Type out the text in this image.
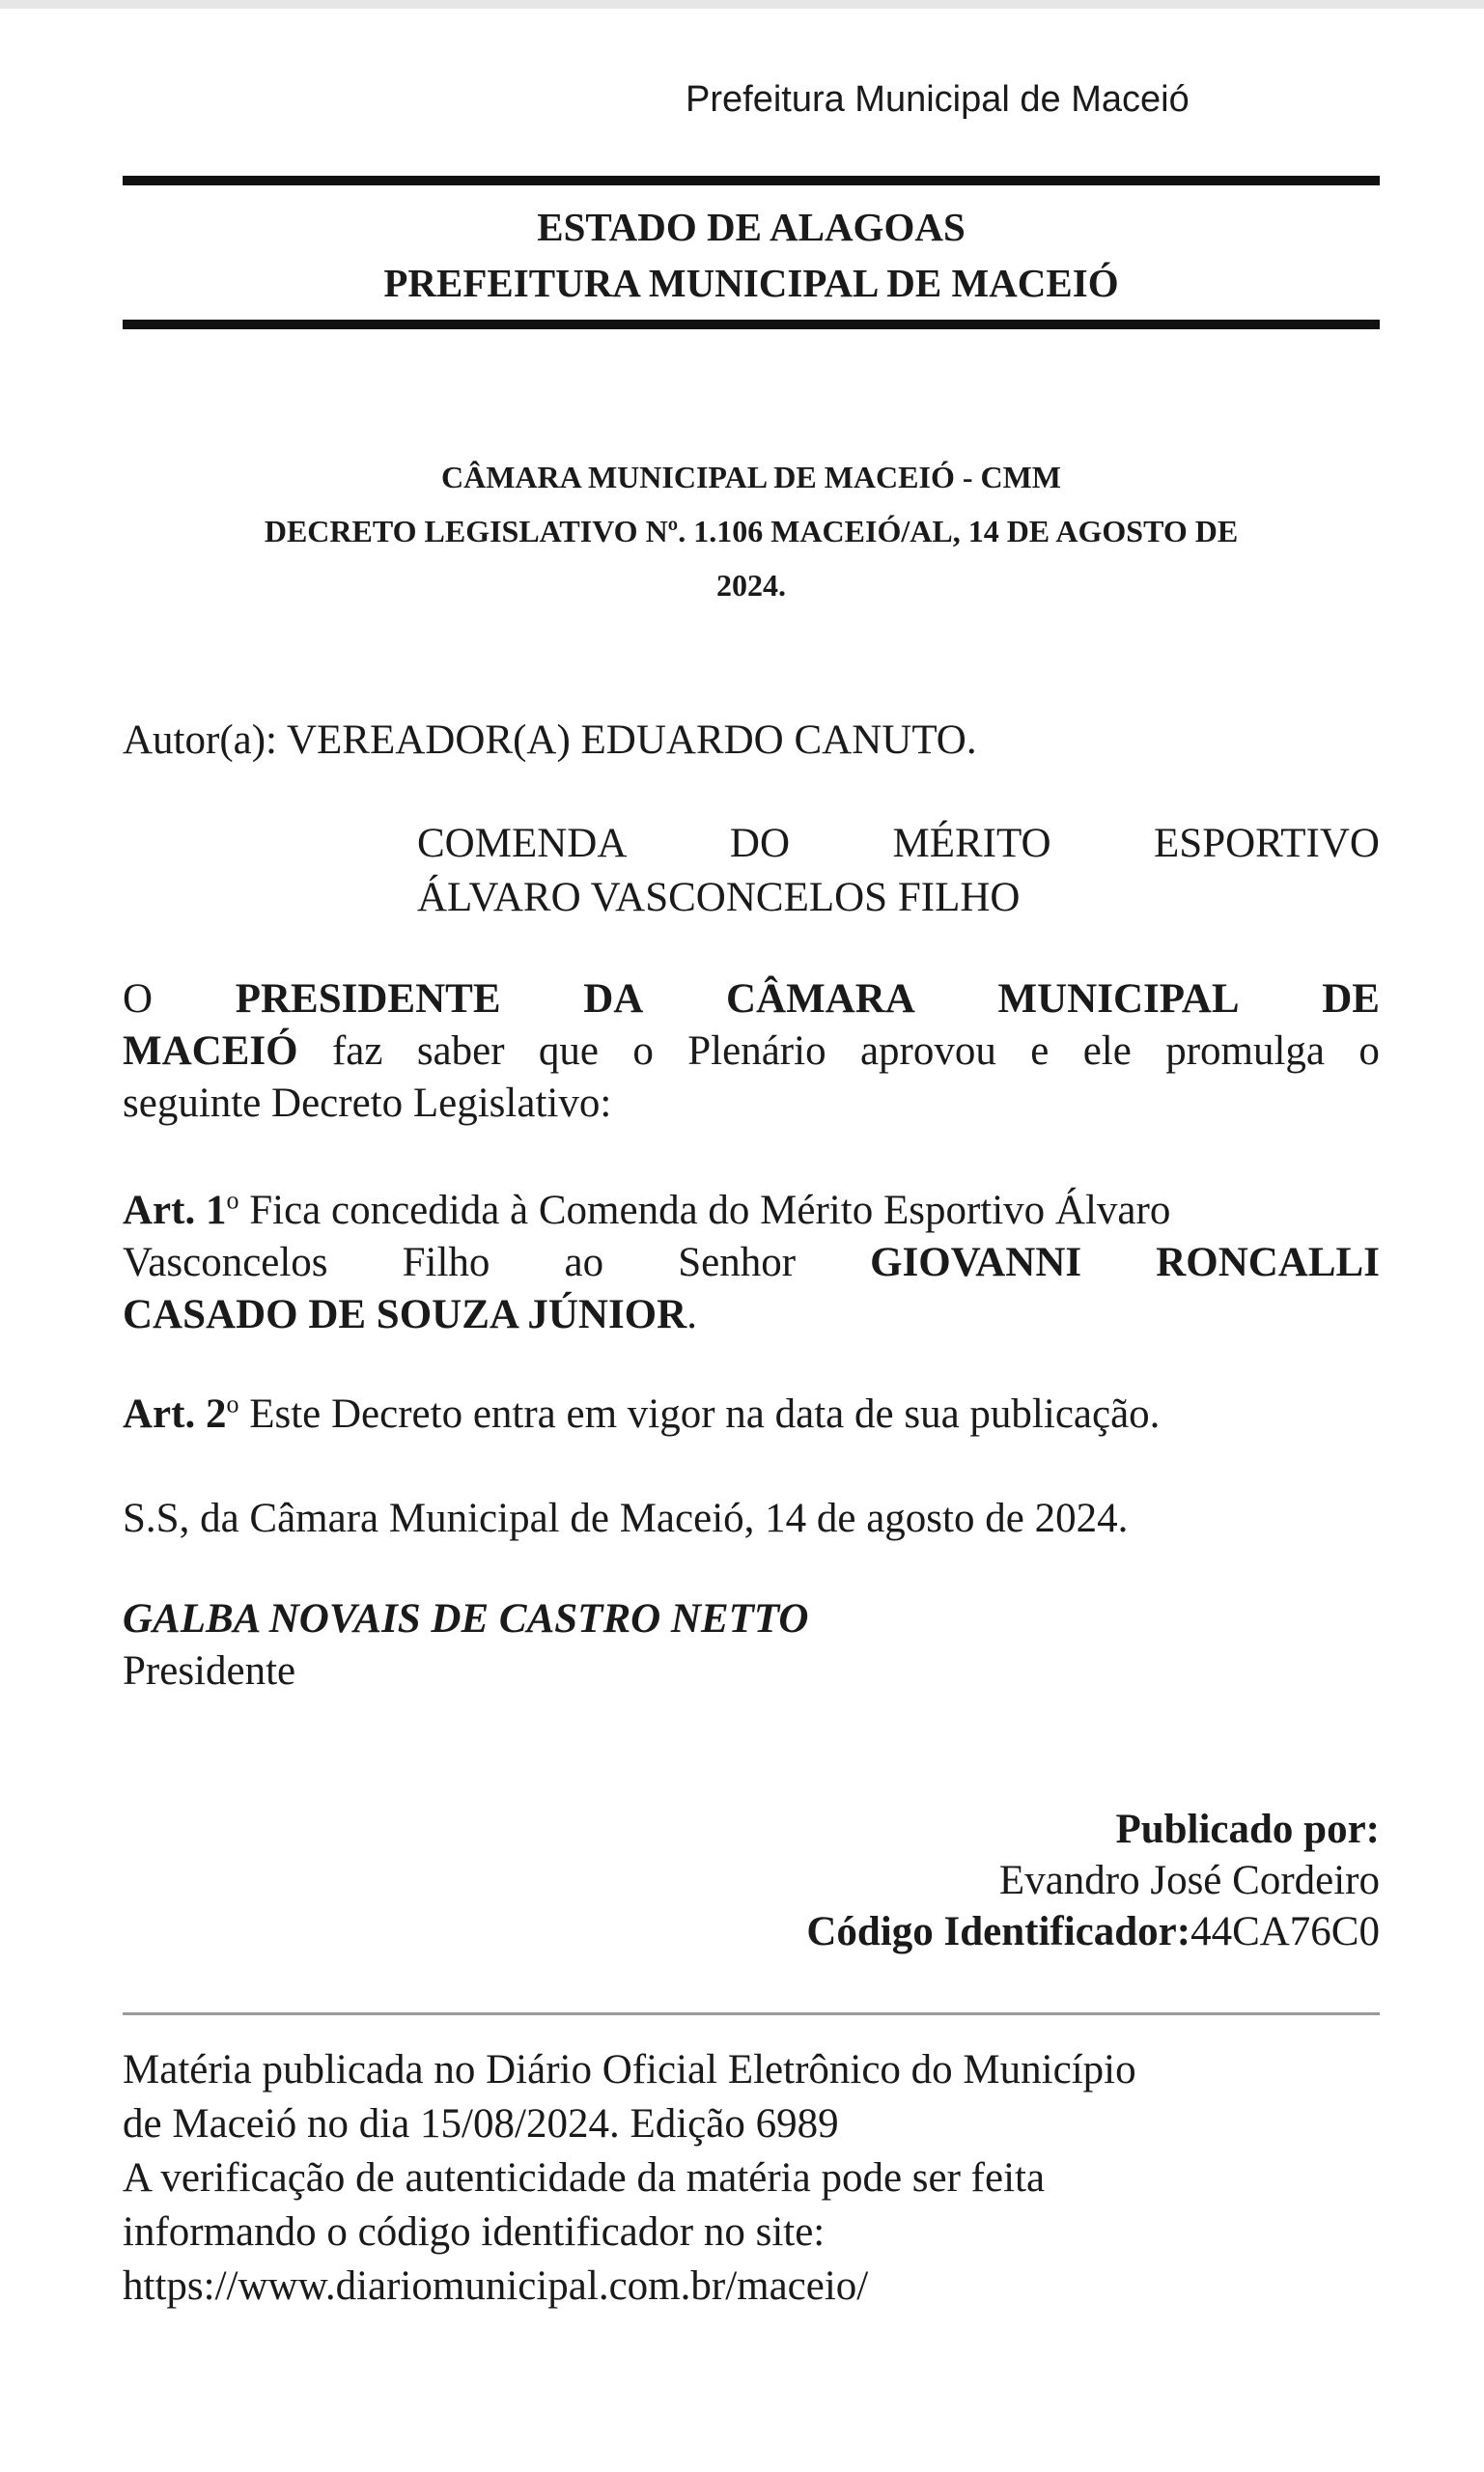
Prefeitura Municipal de Maceió
ESTADO DE ALAGOAS
PREFEITURA MUNICIPAL DE MACEIÓ
CÂMARA MUNICIPAL DE MACEIÓ - CMM
DECRETO LEGISLATIVO Nº. 1.106 MACEIÓ/AL, 14 DE AGOSTO DE
2024.
Autor(a): VEREADOR(A) EDUARDO CANUTO.
COMENDA DO MÉRITO ESPORTIVO
ÁLVARO VASCONCELOS FILHO
O PRESIDENTE DA CÂMARA MUNICIPAL DE
MACEIÓ faz saber que o Plenário aprovou e ele promulga o
seguinte Decreto Legislativo:
Art. 1$^o$ Fica concedida à Comenda do Mérito Esportivo Álvaro
Vasconcelos Filho ao Senhor GIOVANNI RONCALLI
CASADO DE SOUZA JÚNIOR.
Art. 2$^o$ Este Decreto entra em vigor na data de sua publicação.
S.S, da Câmara Municipal de Maceió, 14 de agosto de 2024.
GALBA NOVAIS DE CASTRO NETTO
Presidente
Publicado por:
Evandro José Cordeiro
Código Identificador:44CA76C0
Matéria publicada no Diário Oficial Eletrônico do Município
de Maceió no dia 15/08/2024. Edição 6989
A verificação de autenticidade da matéria pode ser feita
informando o código identificador no site:
https://www.diariomunicipal.com.br/maceio/
